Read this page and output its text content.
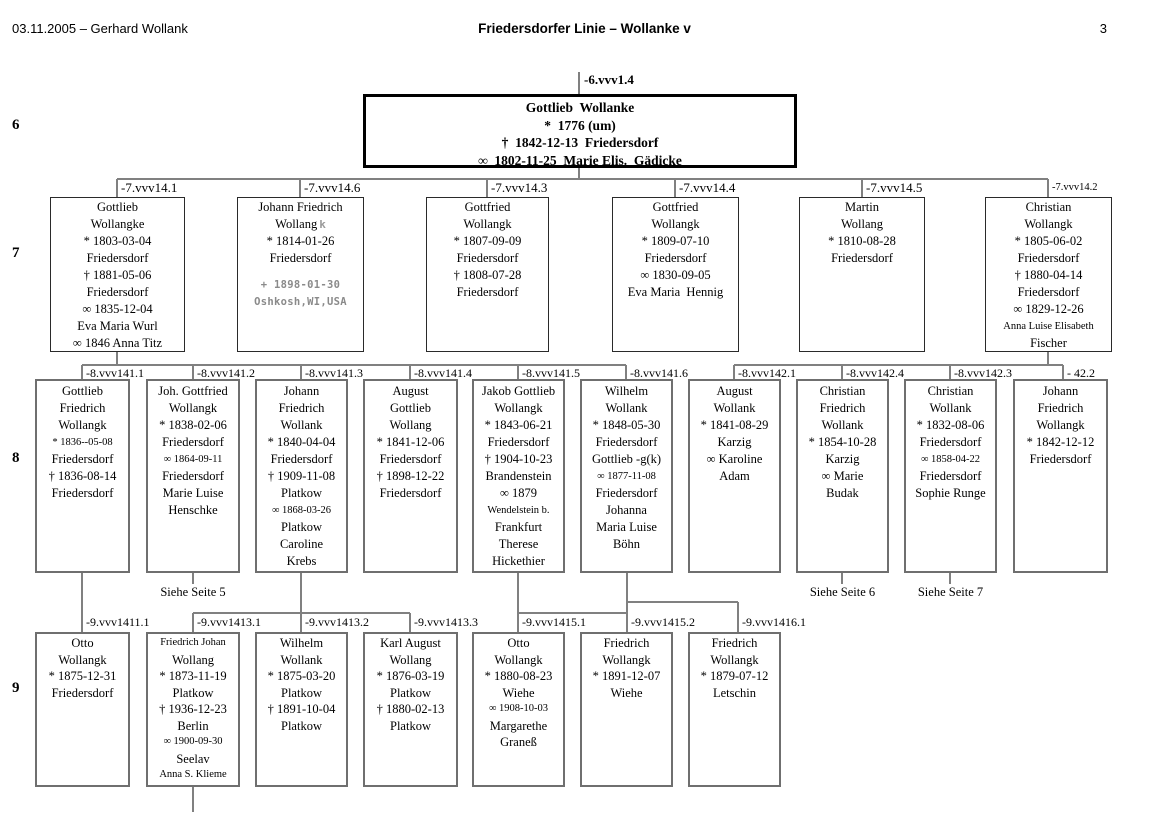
03.11.2005 – Gerhard Wollank	Friedersdorfer Linie – Wollanke v	3
Gottlieb  Wollanke
*  1776 (um)
†  1842-12-13  Friedersdorf
∞  1802-11-25  Marie Elis.  Gädicke
Gottlieb
Wollangke
* 1803-03-04
Friedersdorf
† 1881-05-06
Friedersdorf
∞ 1835-12-04
Eva Maria Wurl
∞ 1846 Anna Titz
Johann Friedrich
Wollang k
* 1814-01-26
Friedersdorf
+ 1898-01-30
Oshkosh,WI,USA
Gottfried
Wollangk
* 1807-09-09
Friedersdorf
† 1808-07-28
Friedersdorf
Gottfried
Wollangk
* 1809-07-10
Friedersdorf
∞ 1830-09-05
Eva Maria  Hennig
Martin
Wollang
* 1810-08-28
Friedersdorf
Christian
Wollangk
* 1805-06-02
Friedersdorf
† 1880-04-14
Friedersdorf
∞ 1829-12-26
Anna Luise Elisabeth
Fischer
Gottlieb
Friedrich
Wollangk
* 1836--05-08
Friedersdorf
† 1836-08-14
Friedersdorf
Joh. Gottfried
Wollangk
* 1838-02-06
Friedersdorf
∞ 1864-09-11
Friedersdorf
Marie Luise
Henschke
Johann
Friedrich
Wollank
* 1840-04-04
Friedersdorf
† 1909-11-08
Platkow
∞ 1868-03-26
Platkow
Caroline
Krebs
August
Gottlieb
Wollang
* 1841-12-06
Friedersdorf
† 1898-12-22
Friedersdorf
Jakob Gottlieb
Wollangk
* 1843-06-21
Friedersdorf
† 1904-10-23
Brandenstein
∞ 1879
Wendelstein b.
Frankfurt
Therese
Hickethier
Wilhelm
Wollank
* 1848-05-30
Friedersdorf
Gottlieb -g(k)
∞ 1877-11-08
Friedersdorf
Johanna
Maria Luise
Böhn
August
Wollank
* 1841-08-29
Karzig
∞ Karoline
Adam
Christian
Friedrich
Wollank
* 1854-10-28
Karzig
∞ Marie
Budak
Christian
Wollank
* 1832-08-06
Friedersdorf
∞ 1858-04-22
Friedersdorf
Sophie Runge
Johann
Friedrich
Wollangk
* 1842-12-12
Friedersdorf
Otto
Wollangk
* 1875-12-31
Friedersdorf
Friedrich Johan
Wollang
* 1873-11-19
Platkow
† 1936-12-23
Berlin
∞ 1900-09-30
Seelav
Anna S. Klieme
Wilhelm
Wollank
* 1875-03-20
Platkow
† 1891-10-04
Platkow
Karl August
Wollang
* 1876-03-19
Platkow
† 1880-02-13
Platkow
Otto
Wollangk
* 1880-08-23
Wiehe
∞ 1908-10-03
Margarethe
Graneß
Friedrich
Wollangk
* 1891-12-07
Wiehe
Friedrich
Wollangk
* 1879-07-12
Letschin
-6.vvv1.4
-7.vvv14.1	-7.vvv14.6	-7.vvv14.3	-7.vvv14.4	-7.vvv14.5	-7.vvv14.2
-8.vvv141.1	-8.vvv141.2	-8.vvv141.3	-8.vvv141.4	-8.vvv141.5	-8.vvv141.6	-8.vvv142.1	-8.vvv142.4	-8.vvv142.3	- 42.2
-9.vvv1411.1	-9.vvv1413.1	-9.vvv1413.2	-9.vvv1413.3	-9.vvv1415.1	-9.vvv1415.2	-9.vvv1416.1
Siehe Seite 5	Siehe Seite 6	Siehe Seite 7
6
7
8
9
